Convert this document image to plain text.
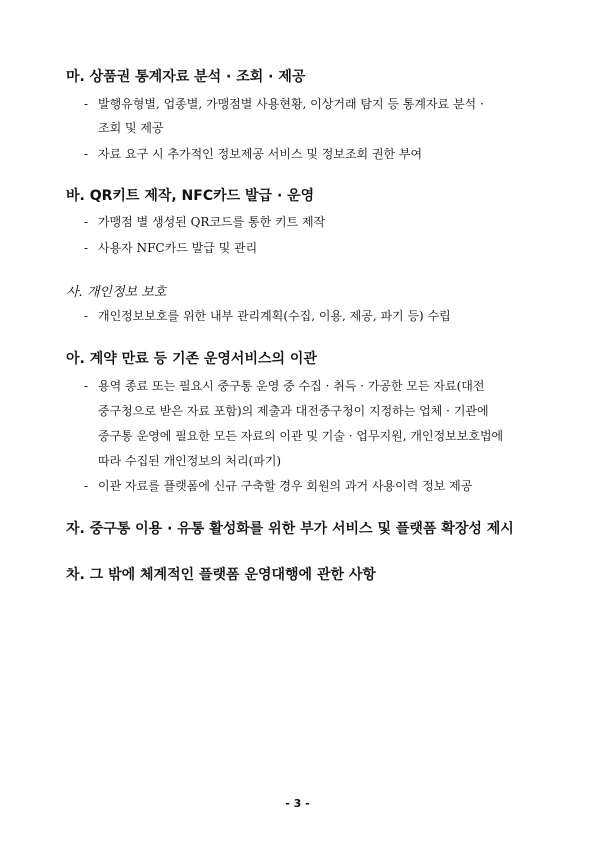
마. 상품권 통계자료 분석 · 조회 · 제공
- 발행유형별, 업종별, 가맹점별 사용현황, 이상거래 탐지 등 통계자료 분석 ·
조회 및 제공
- 자료 요구 시 추가적인 정보제공 서비스 및 정보조회 권한 부여
바. QR키트 제작, NFC카드 발급 · 운영
- 가맹점 별 생성된 QR코드를 통한 키트 제작
- 사용자 NFC카드 발급 및 관리
사. 개인정보 보호
- 개인정보보호를 위한 내부 관리계획(수집, 이용, 제공, 파기 등) 수립
아. 계약 만료 등 기존 운영서비스의 이관
- 용역 종료 또는 필요시 중구통 운영 중 수집 · 취득 · 가공한 모든 자료(대전
중구청으로 받은 자료 포함)의 제출과 대전중구청이 지정하는 업체 · 기관에
중구통 운영에 필요한 모든 자료의 이관 및 기술 · 업무지원, 개인정보보호법에
따라 수집된 개인정보의 처리(파기)
- 이관 자료를 플랫폼에 신규 구축할 경우 회원의 과거 사용이력 정보 제공
자. 중구통 이용 · 유통 활성화를 위한 부가 서비스 및 플랫폼 확장성 제시
차. 그 밖에 체계적인 플랫폼 운영대행에 관한 사항
- 3 -
